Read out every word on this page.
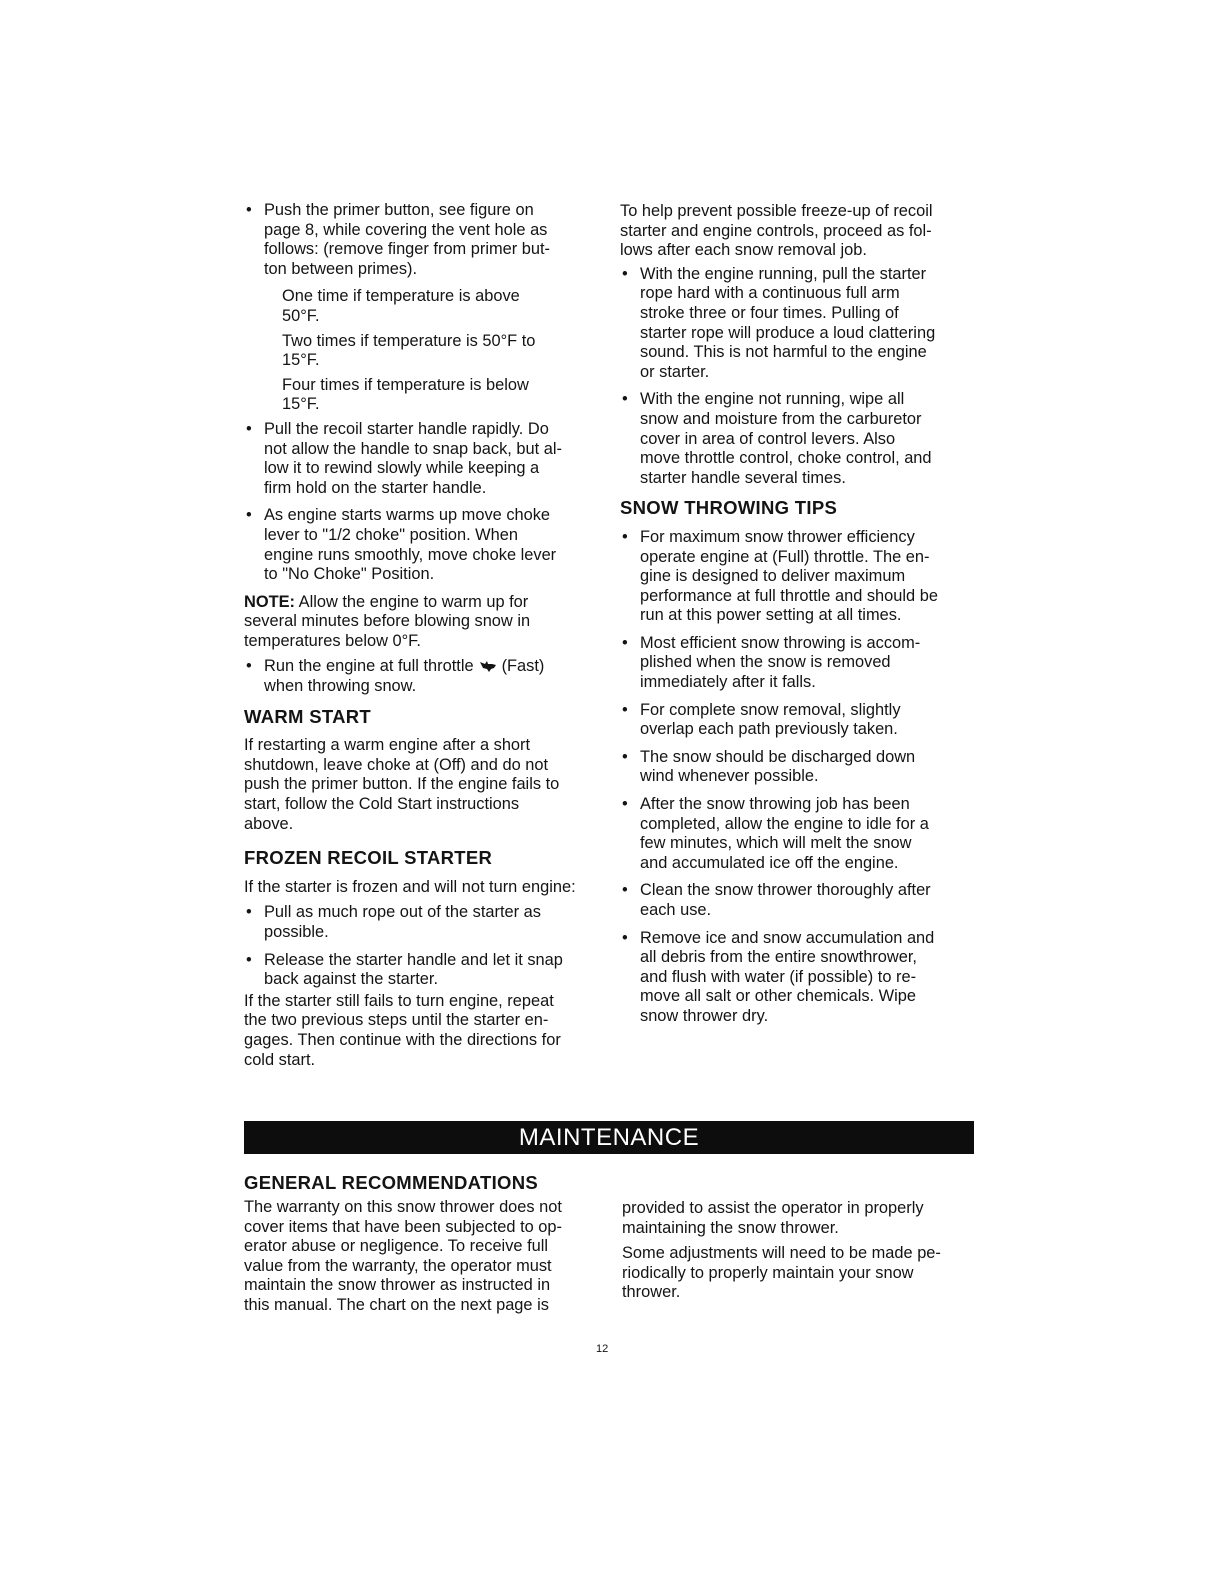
• Push the primer button, see figure on
page 8, while covering the vent hole as
follows: (remove finger from primer but-
ton between primes).
One time if temperature is above
50°F.
Two times if temperature is 50°F to
15°F.
Four times if temperature is below
15°F.
• Pull the recoil starter handle rapidly. Do
not allow the handle to snap back, but al-
low it to rewind slowly while keeping a
firm hold on the starter handle.
• As engine starts warms up move choke
lever to "1/2 choke" position. When
engine runs smoothly, move choke lever
to "No Choke" Position.
NOTE: Allow the engine to warm up for
several minutes before blowing snow in
temperatures below 0°F.
• Run the engine at full throttle (Fast)
when throwing snow.
WARM START
If restarting a warm engine after a short
shutdown, leave choke at (Off) and do not
push the primer button. If the engine fails to
start, follow the Cold Start instructions
above.
FROZEN RECOIL STARTER
If the starter is frozen and will not turn engine:
• Pull as much rope out of the starter as
possible.
• Release the starter handle and let it snap
back against the starter.
If the starter still fails to turn engine, repeat
the two previous steps until the starter en-
gages. Then continue with the directions for
cold start.
To help prevent possible freeze-up of recoil
starter and engine controls, proceed as fol-
lows after each snow removal job.
• With the engine running, pull the starter
rope hard with a continuous full arm
stroke three or four times. Pulling of
starter rope will produce a loud clattering
sound. This is not harmful to the engine
or starter.
• With the engine not running, wipe all
snow and moisture from the carburetor
cover in area of control levers. Also
move throttle control, choke control, and
starter handle several times.
SNOW THROWING TIPS
• For maximum snow thrower efficiency
operate engine at (Full) throttle. The en-
gine is designed to deliver maximum
performance at full throttle and should be
run at this power setting at all times.
• Most efficient snow throwing is accom-
plished when the snow is removed
immediately after it falls.
• For complete snow removal, slightly
overlap each path previously taken.
• The snow should be discharged down
wind whenever possible.
• After the snow throwing job has been
completed, allow the engine to idle for a
few minutes, which will melt the snow
and accumulated ice off the engine.
• Clean the snow thrower thoroughly after
each use.
• Remove ice and snow accumulation and
all debris from the entire snowthrower,
and flush with water (if possible) to re-
move all salt or other chemicals. Wipe
snow thrower dry.
MAINTENANCE
GENERAL RECOMMENDATIONS
The warranty on this snow thrower does not
cover items that have been subjected to op-
erator abuse or negligence. To receive full
value from the warranty, the operator must
maintain the snow thrower as instructed in
this manual. The chart on the next page is
provided to assist the operator in properly
maintaining the snow thrower.
Some adjustments will need to be made pe-
riodically to properly maintain your snow
thrower.
12
